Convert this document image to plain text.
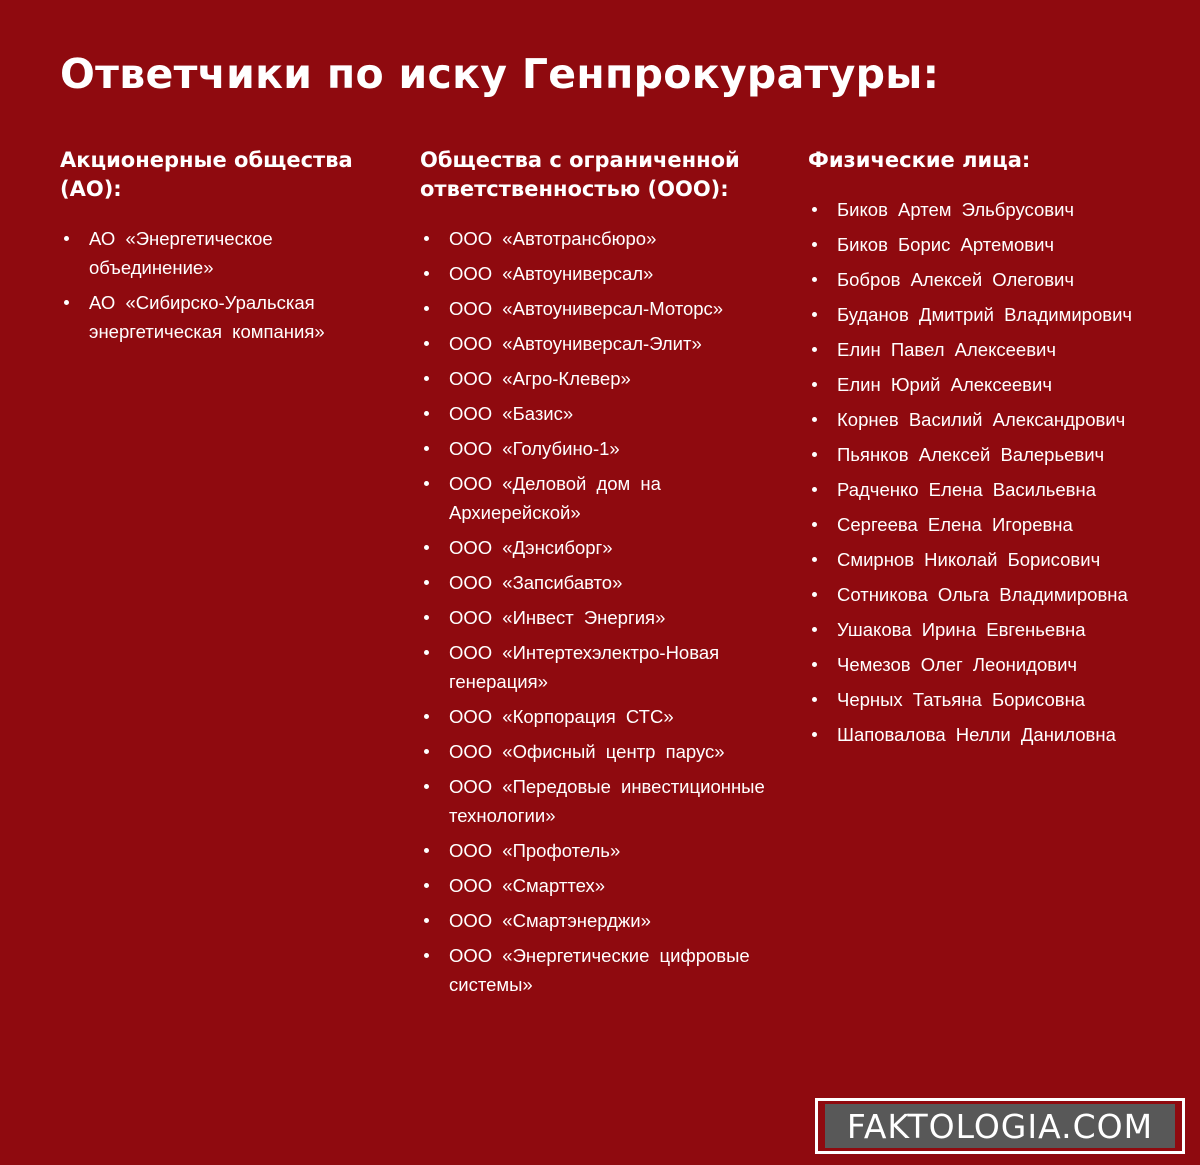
Ответчики по иску Генпрокуратуры:
Акционерные общества (АО):
АО «Энергетическое объединение»
АО «Сибирско-Уральская энергетическая компания»
Общества с ограниченной ответственностью (ООО):
ООО «Автотрансбюро»
ООО «Автоуниверсал»
ООО «Автоуниверсал-Моторс»
ООО «Автоуниверсал-Элит»
ООО «Агро-Клевер»
ООО «Базис»
ООО «Голубино-1»
ООО «Деловой дом на Архиерейской»
ООО «Дэнсиборг»
ООО «Запсибавто»
ООО «Инвест Энергия»
ООО «Интертехэлектро-Новая генерация»
ООО «Корпорация СТС»
ООО «Офисный центр парус»
ООО «Передовые инвестиционные технологии»
ООО «Профотель»
ООО «Смарттех»
ООО «Смартэнерджи»
ООО «Энергетические цифровые системы»
Физические лица:
Биков Артем Эльбрусович
Биков Борис Артемович
Бобров Алексей Олегович
Буданов Дмитрий Владимирович
Елин Павел Алексеевич
Елин Юрий Алексеевич
Корнев Василий Александрович
Пьянков Алексей Валерьевич
Радченко Елена Васильевна
Сергеева Елена Игоревна
Смирнов Николай Борисович
Сотникова Ольга Владимировна
Ушакова Ирина Евгеньевна
Чемезов Олег Леонидович
Черных Татьяна Борисовна
Шаповалова Нелли Даниловна
FAKTOLOGIA.COM
